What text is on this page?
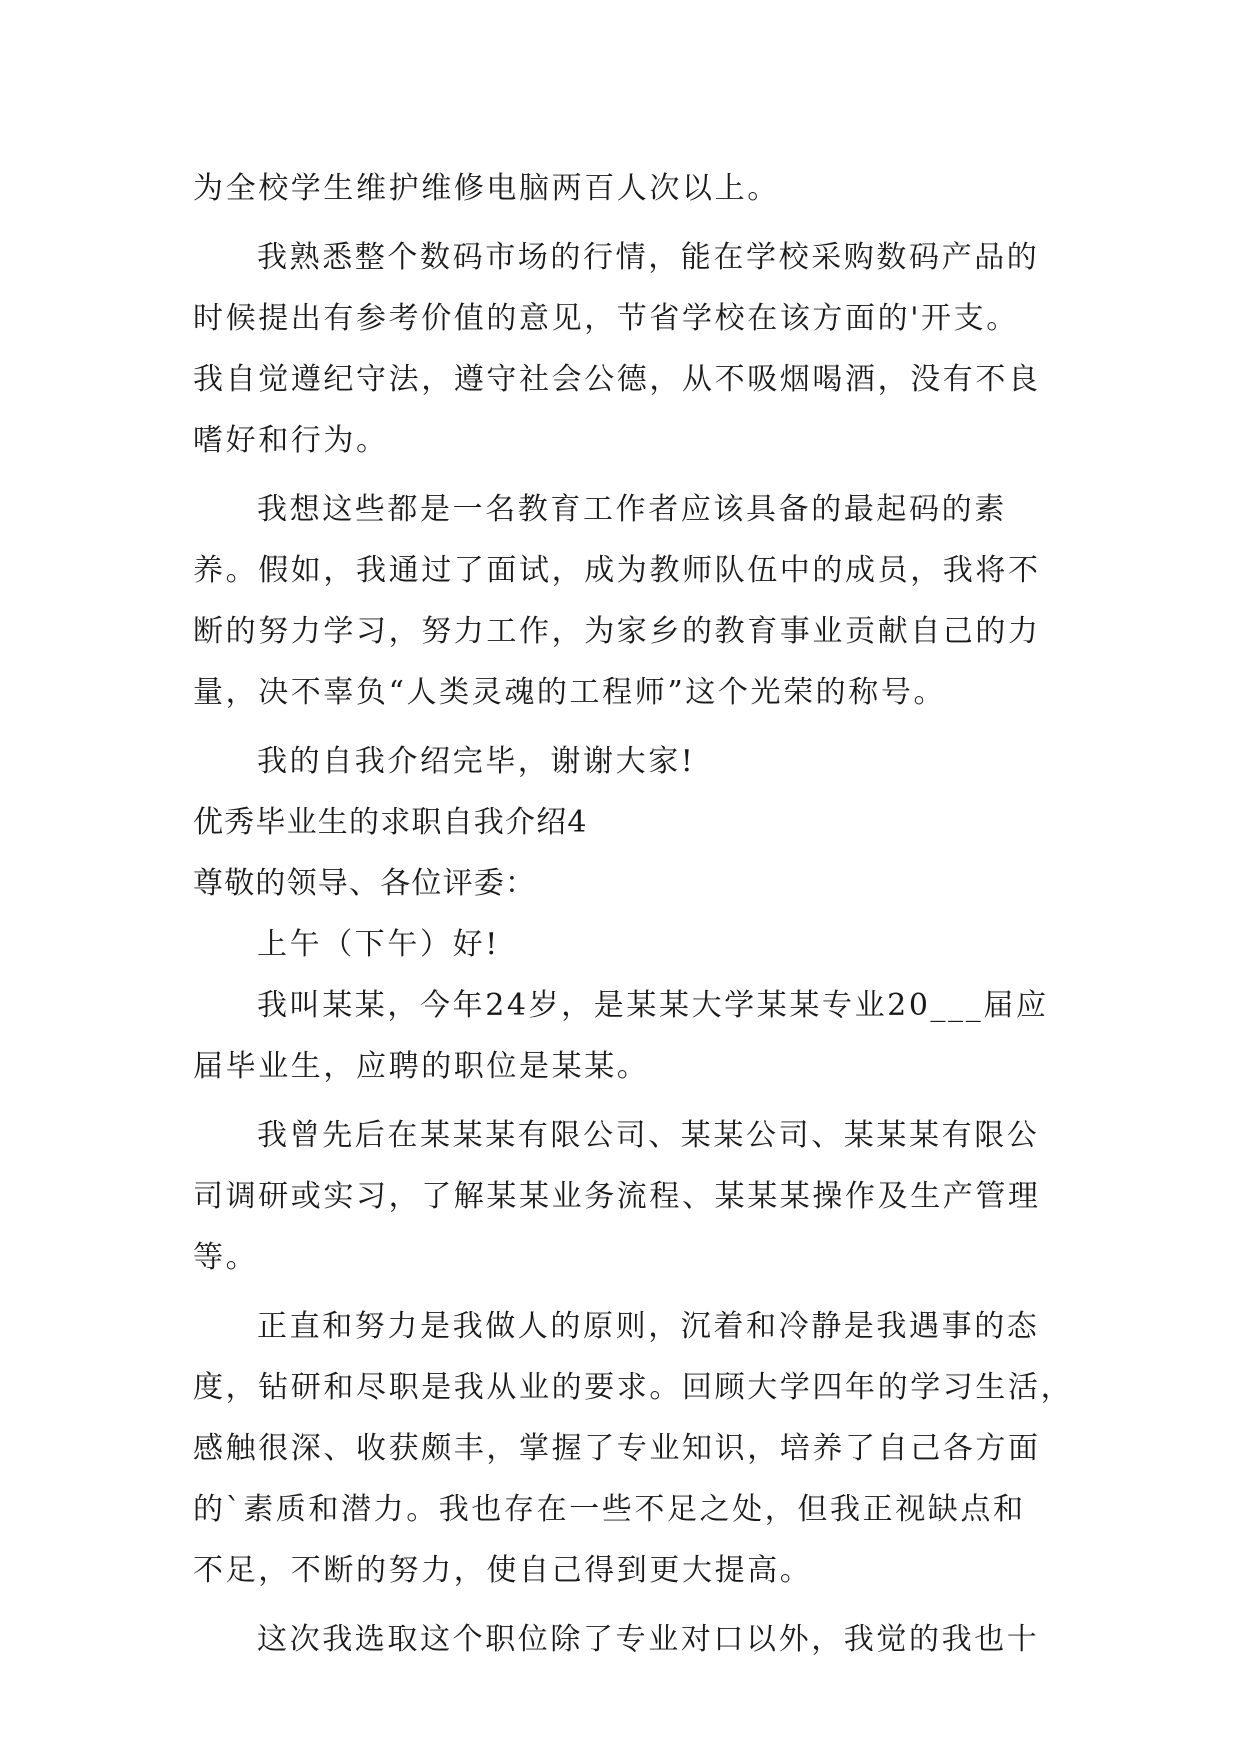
为全校学生维护维修电脑两百人次以上。
我熟悉整个数码市场的行情，能在学校采购数码产品的
时候提出有参考价值的意见，节省学校在该方面的'开支。
我自觉遵纪守法，遵守社会公德，从不吸烟喝酒，没有不良
嗜好和行为。
我想这些都是一名教育工作者应该具备的最起码的素
养。假如，我通过了面试，成为教师队伍中的成员，我将不
断的努力学习，努力工作，为家乡的教育事业贡献自己的力
量，决不辜负“人类灵魂的工程师”这个光荣的称号。
我的自我介绍完毕，谢谢大家!
优秀毕业生的求职自我介绍4
尊敬的领导、各位评委：
上午（下午）好!
我叫某某，今年24岁，是某某大学某某专业20___届应
届毕业生，应聘的职位是某某。
我曾先后在某某某有限公司、某某公司、某某某有限公
司调研或实习，了解某某业务流程、某某某操作及生产管理
等。
正直和努力是我做人的原则，沉着和冷静是我遇事的态
度，钻研和尽职是我从业的要求。回顾大学四年的学习生活，
感触很深、收获颇丰，掌握了专业知识，培养了自己各方面
的`素质和潜力。我也存在一些不足之处，但我正视缺点和
不足，不断的努力，使自己得到更大提高。
这次我选取这个职位除了专业对口以外，我觉的我也十
